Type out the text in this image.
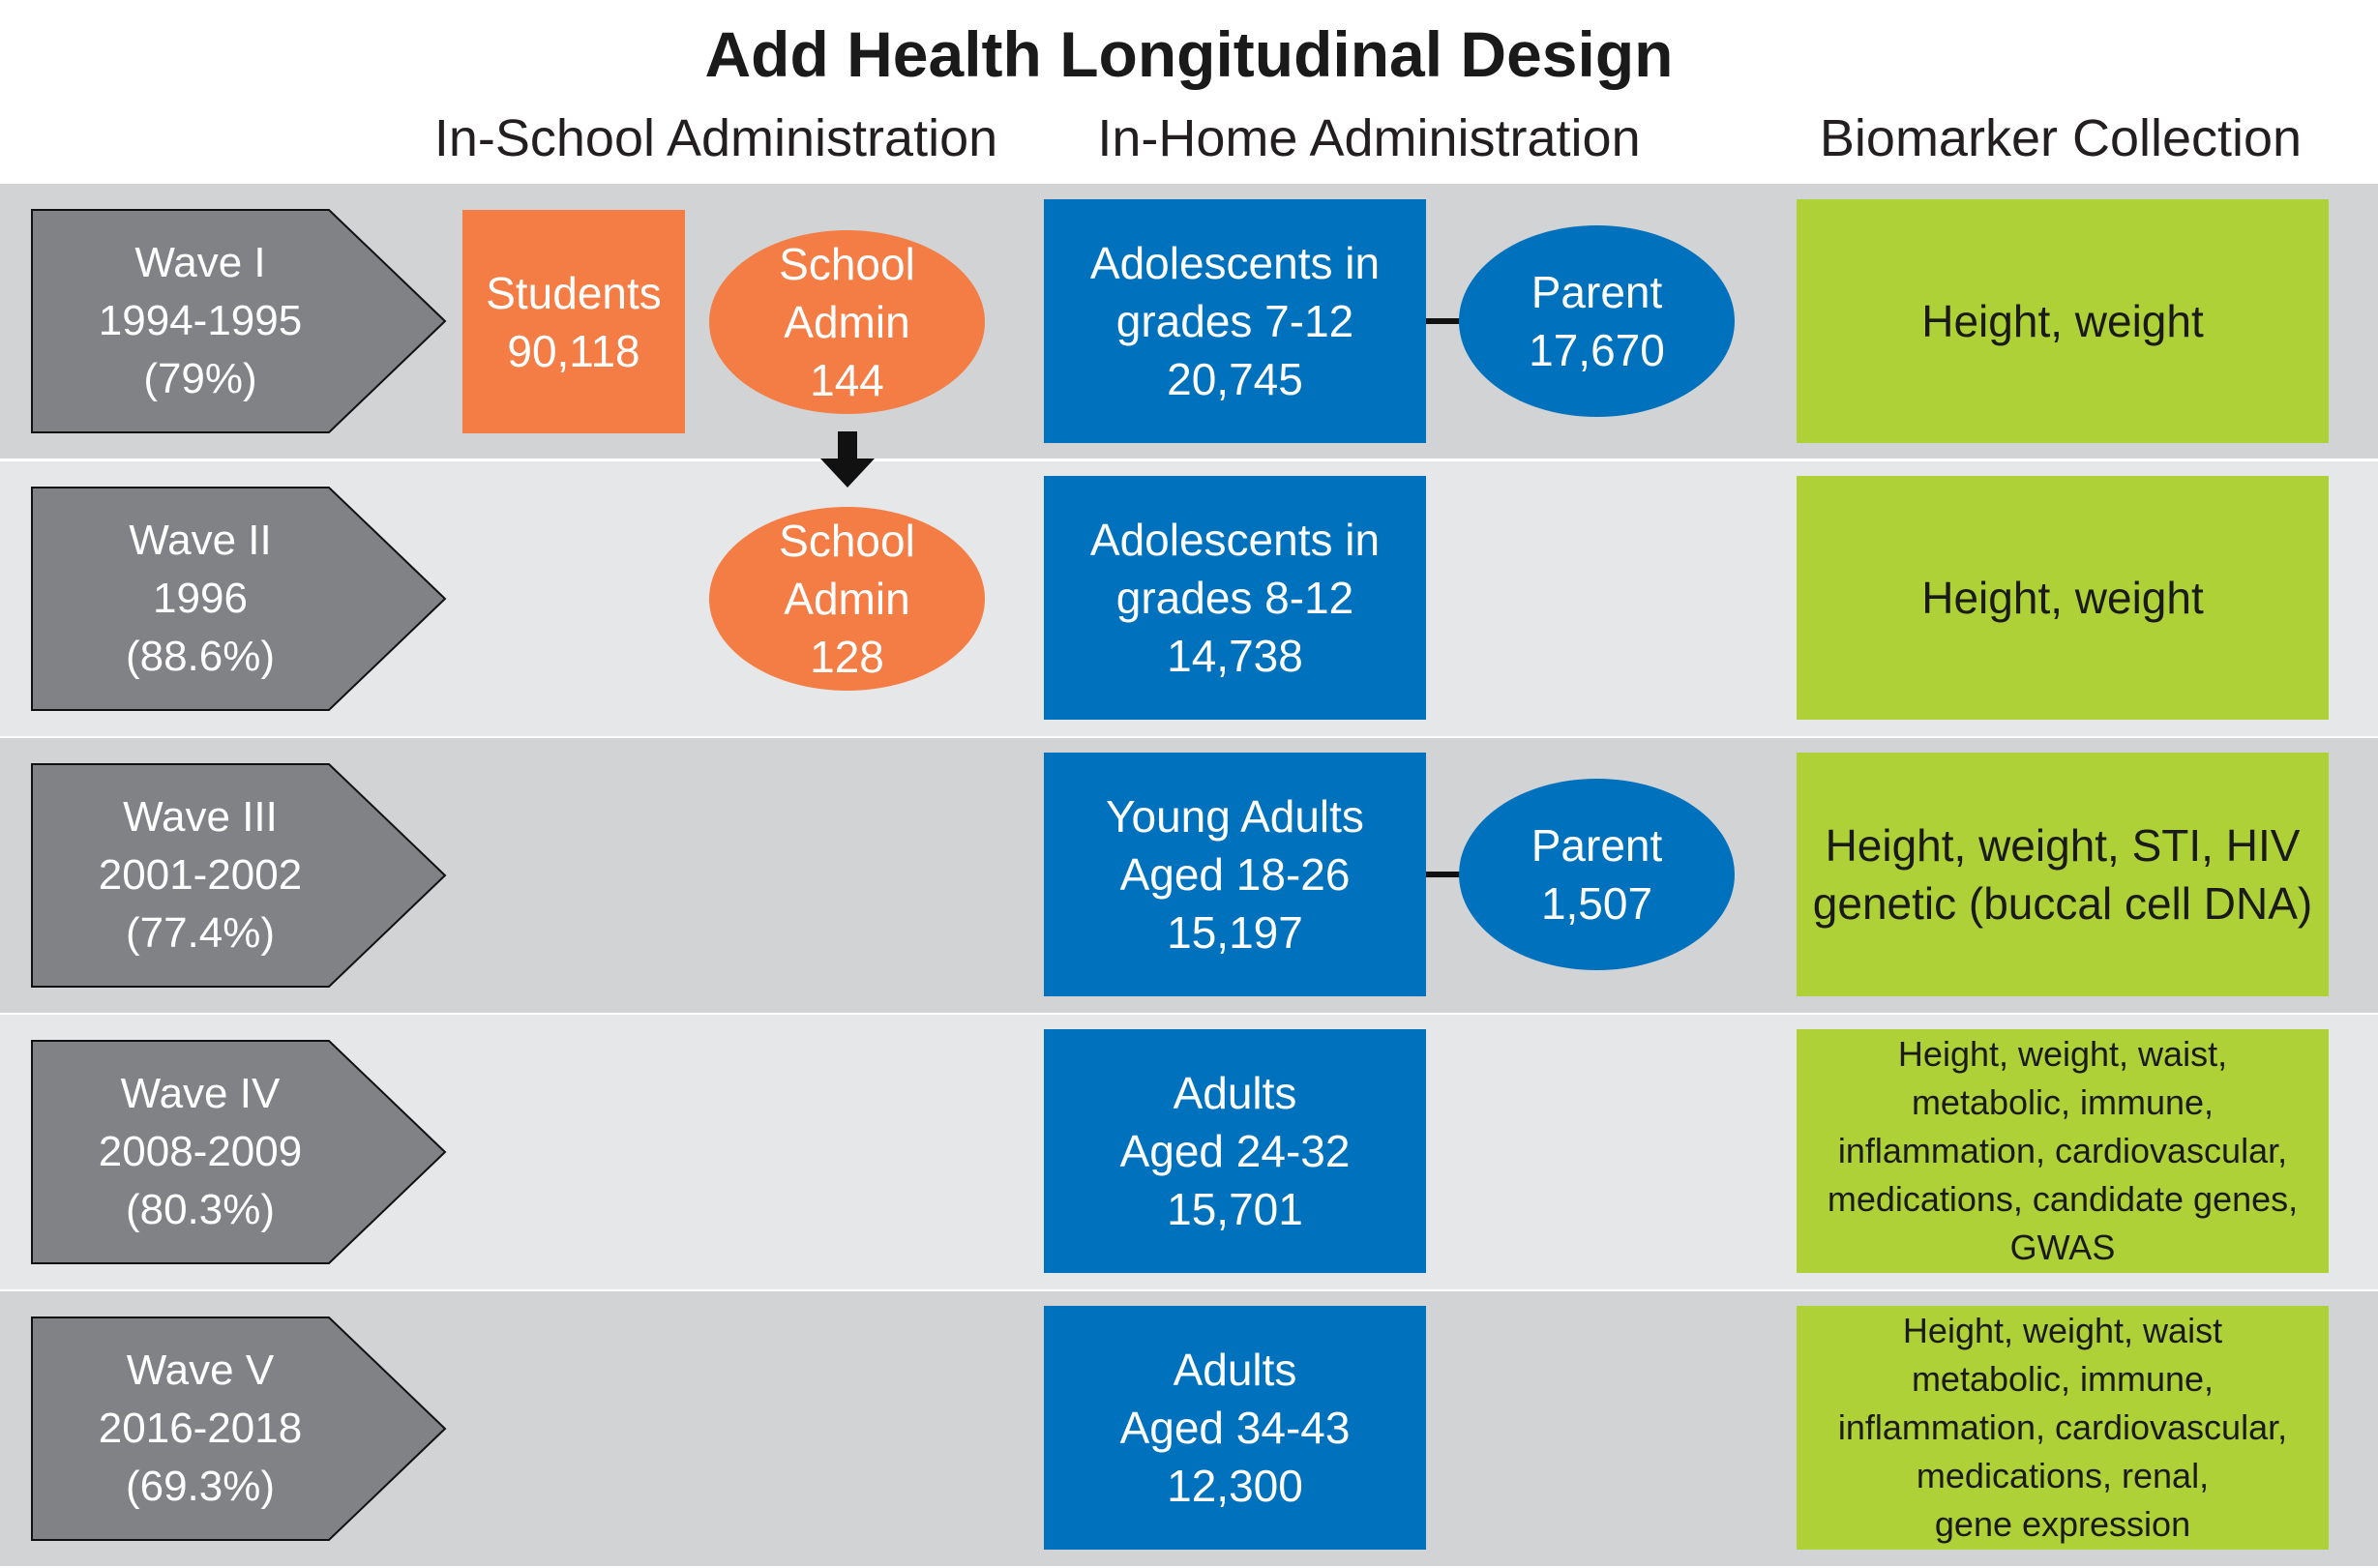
Add Health Longitudinal Design
In-School Administration	In-Home Administration	Biomarker Collection
Wave I
1994-1995
(79%)
Wave II
1996
(88.6%)
Wave III
2001-2002
(77.4%)
Wave IV
2008-2009
(80.3%)
Wave V
2016-2018
(69.3%)
Students
90,118
School
Admin
144
School
Admin
128
Adolescents in
grades 7-12
20,745
Adolescents in
grades 8-12
14,738
Young Adults
Aged 18-26
15,197
Adults
Aged 24-32
15,701
Adults
Aged 34-43
12,300
Parent
17,670
Parent
1,507
Height, weight
Height, weight
Height, weight, STI, HIV
genetic (buccal cell DNA)
Height, weight, waist,
metabolic, immune,
inflammation, cardiovascular,
medications, candidate genes,
GWAS
Height, weight, waist
metabolic, immune,
inflammation, cardiovascular,
medications, renal,
gene expression
